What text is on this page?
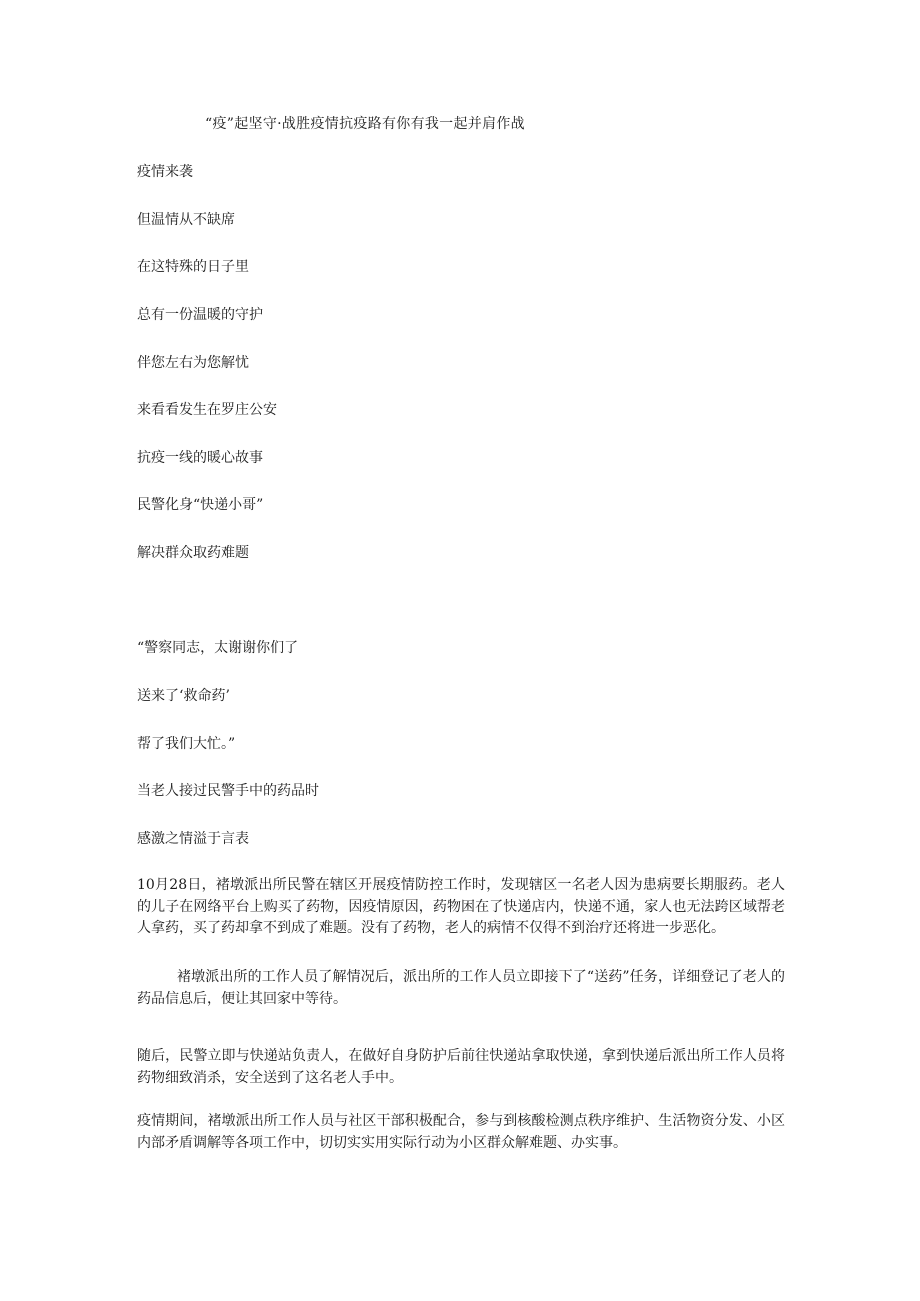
“疫”起坚守·战胜疫情抗疫路有你有我一起并肩作战
疫情来袭
但温情从不缺席
在这特殊的日子里
总有一份温暖的守护
伴您左右为您解忧
来看看发生在罗庄公安
抗疫一线的暖心故事
民警化身“快递小哥”
解决群众取药难题
“警察同志，太谢谢你们了
送来了‘救命药’
帮了我们大忙。”
当老人接过民警手中的药品时
感激之情溢于言表

10月28日，褚墩派出所民警在辖区开展疫情防控工作时，发现辖区一名老人因为患病要长期服药。老人的儿子在网络平台上购买了药物，因疫情原因，药物困在了快递店内，快递不通，家人也无法跨区域帮老人拿药，买了药却拿不到成了难题。没有了药物，老人的病情不仅得不到治疗还将进一步恶化。

褚墩派出所的工作人员了解情况后，派出所的工作人员立即接下了“送药”任务，详细登记了老人的药品信息后，便让其回家中等待。

随后，民警立即与快递站负责人，在做好自身防护后前往快递站拿取快递，拿到快递后派出所工作人员将药物细致消杀，安全送到了这名老人手中。

疫情期间，褚墩派出所工作人员与社区干部积极配合，参与到核酸检测点秩序维护、生活物资分发、小区内部矛盾调解等各项工作中，切切实实用实际行动为小区群众解难题、办实事。
